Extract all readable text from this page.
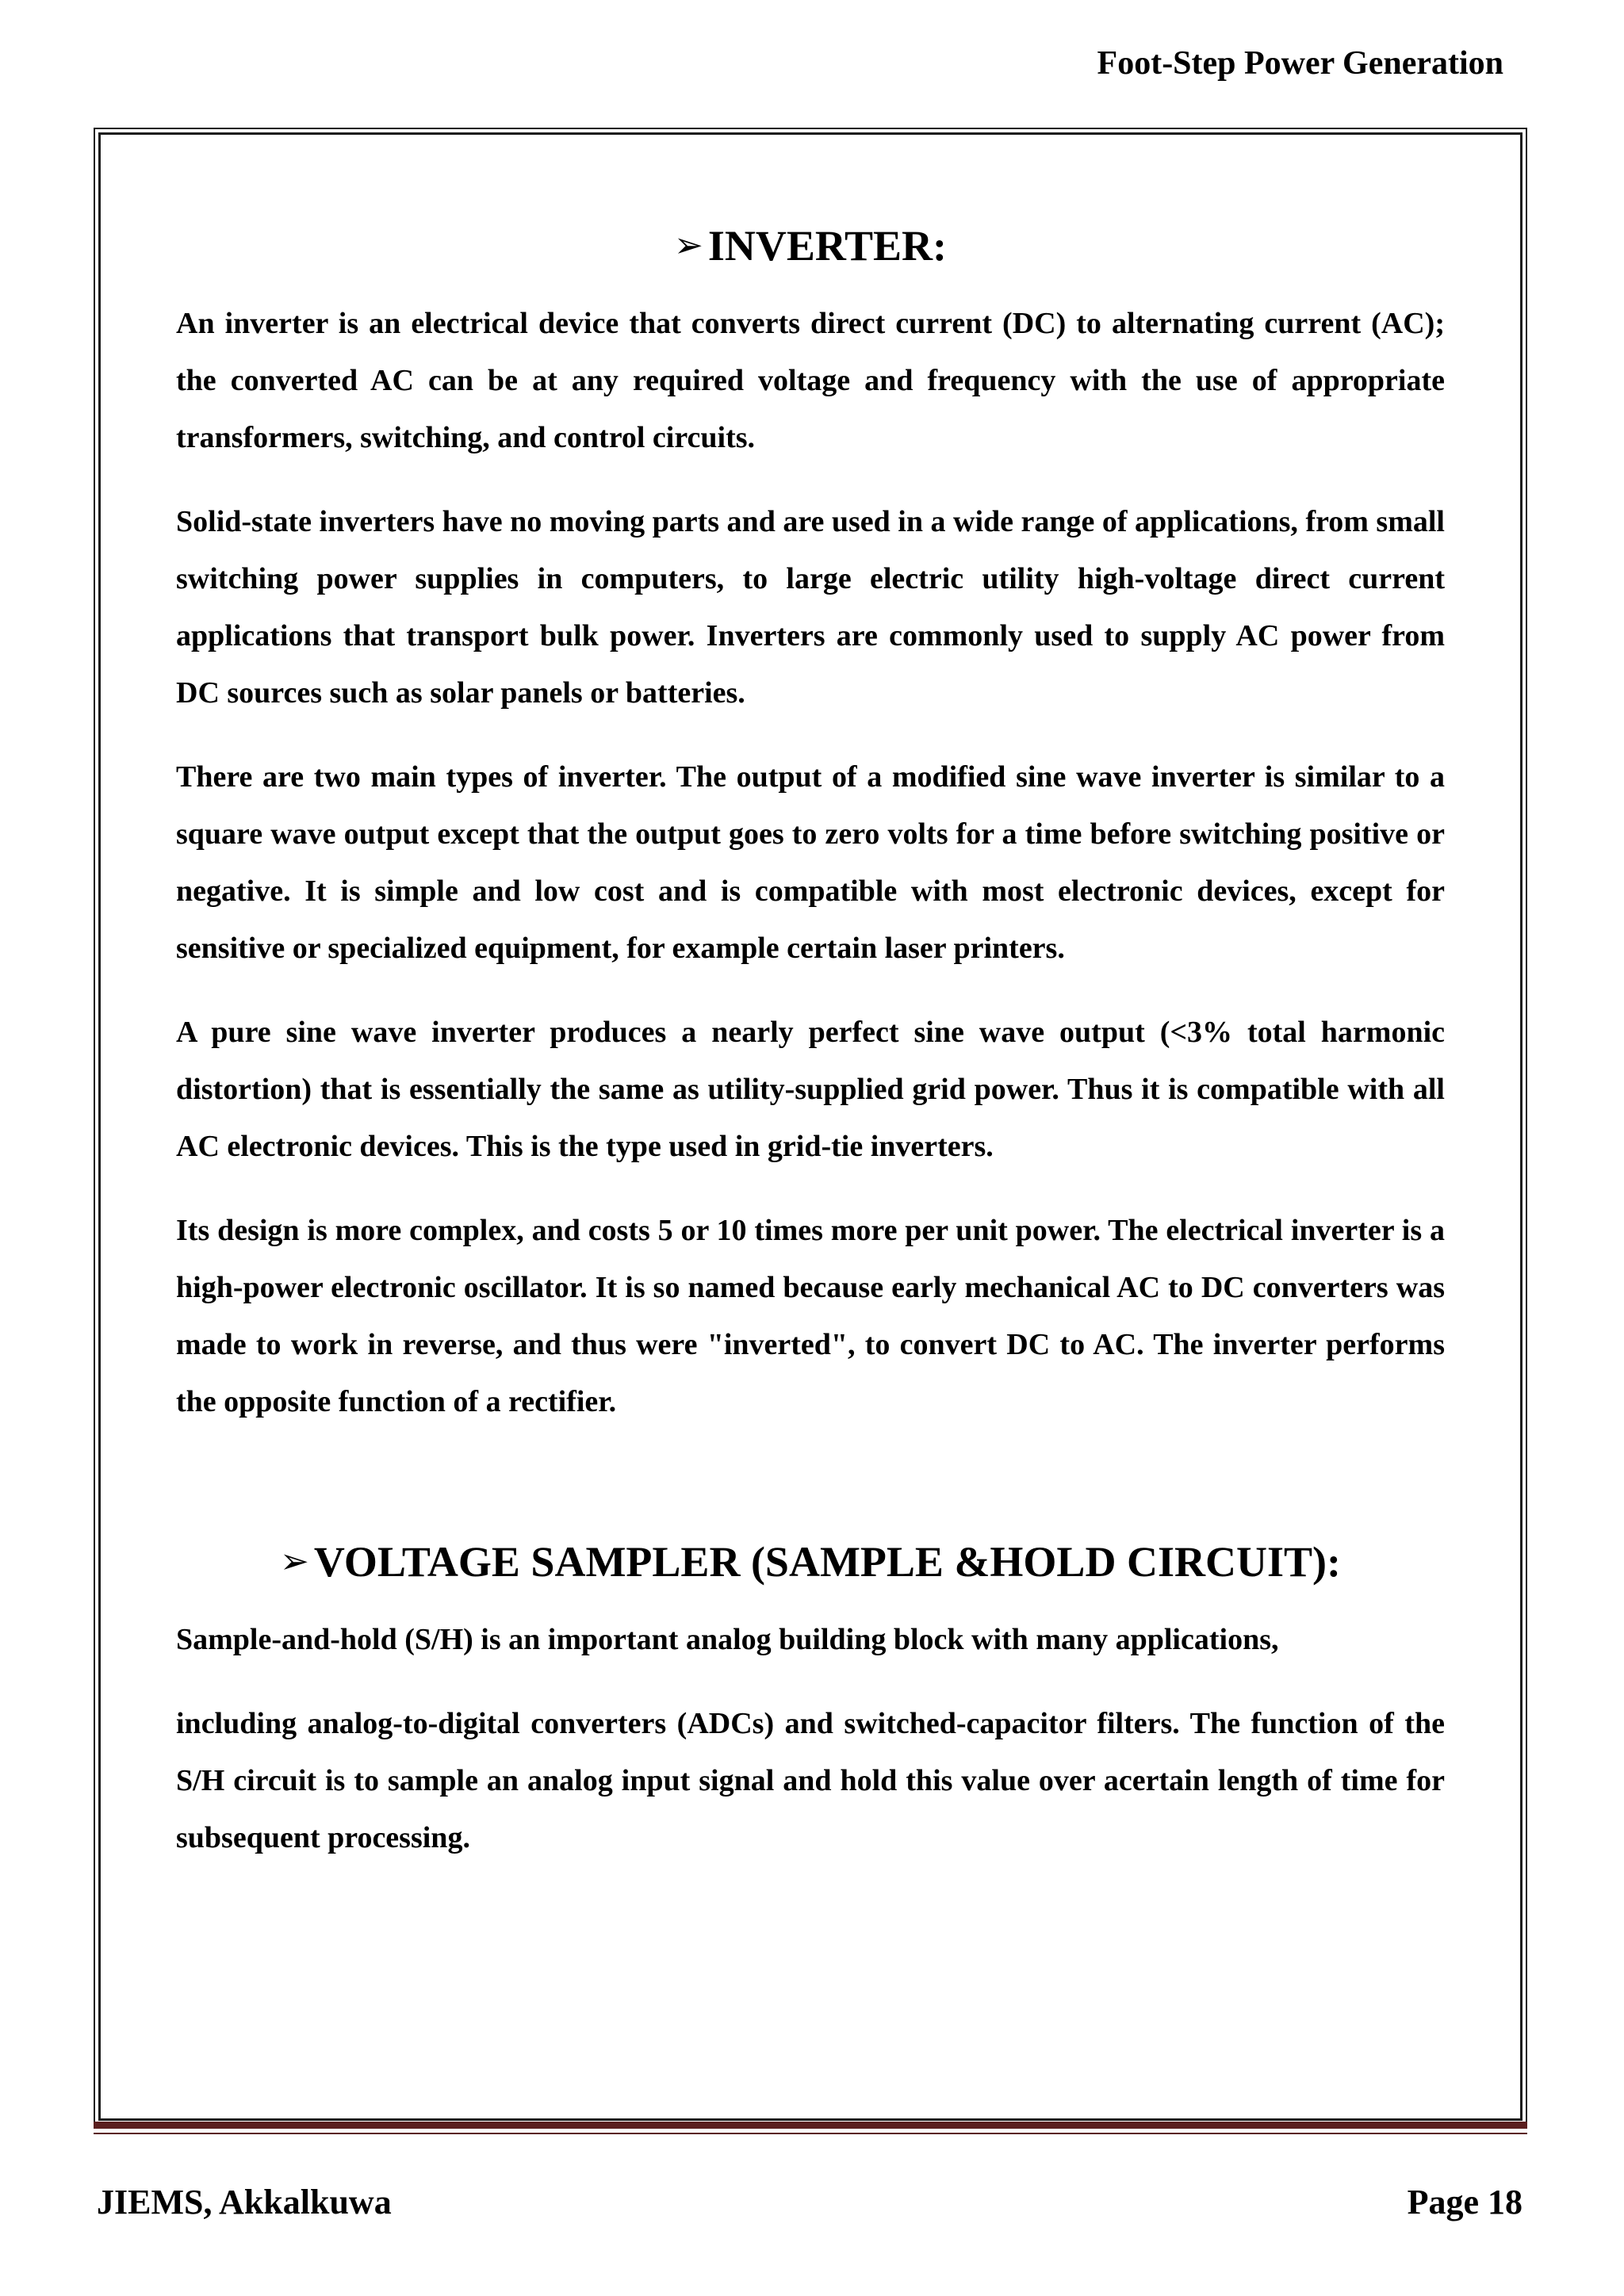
Foot-Step Power Generation
➢ INVERTER:

An inverter is an electrical device that converts direct current (DC) to alternating current (AC); the converted AC can be at any required voltage and frequency with the use of appropriate transformers, switching, and control circuits.

Solid-state inverters have no moving parts and are used in a wide range of applications, from small switching power supplies in computers, to large electric utility high-voltage direct current applications that transport bulk power. Inverters are commonly used to supply AC power from DC sources such as solar panels or batteries.

There are two main types of inverter. The output of a modified sine wave inverter is similar to a square wave output except that the output goes to zero volts for a time before switching positive or negative. It is simple and low cost and is compatible with most electronic devices, except for sensitive or specialized equipment, for example certain laser printers.

A pure sine wave inverter produces a nearly perfect sine wave output (<3% total harmonic distortion) that is essentially the same as utility-supplied grid power. Thus it is compatible with all AC electronic devices. This is the type used in grid-tie inverters.

Its design is more complex, and costs 5 or 10 times more per unit power. The electrical inverter is a high-power electronic oscillator. It is so named because early mechanical AC to DC converters was made to work in reverse, and thus were "inverted", to convert DC to AC. The inverter performs the opposite function of a rectifier.

➢ VOLTAGE SAMPLER (SAMPLE &HOLD CIRCUIT):

Sample-and-hold (S/H) is an important analog building block with many applications,

including analog-to-digital converters (ADCs) and switched-capacitor filters. The function of the S/H circuit is to sample an analog input signal and hold this value over acertain length of time for subsequent processing.

JIEMS, Akkalkuwa	Page 18
